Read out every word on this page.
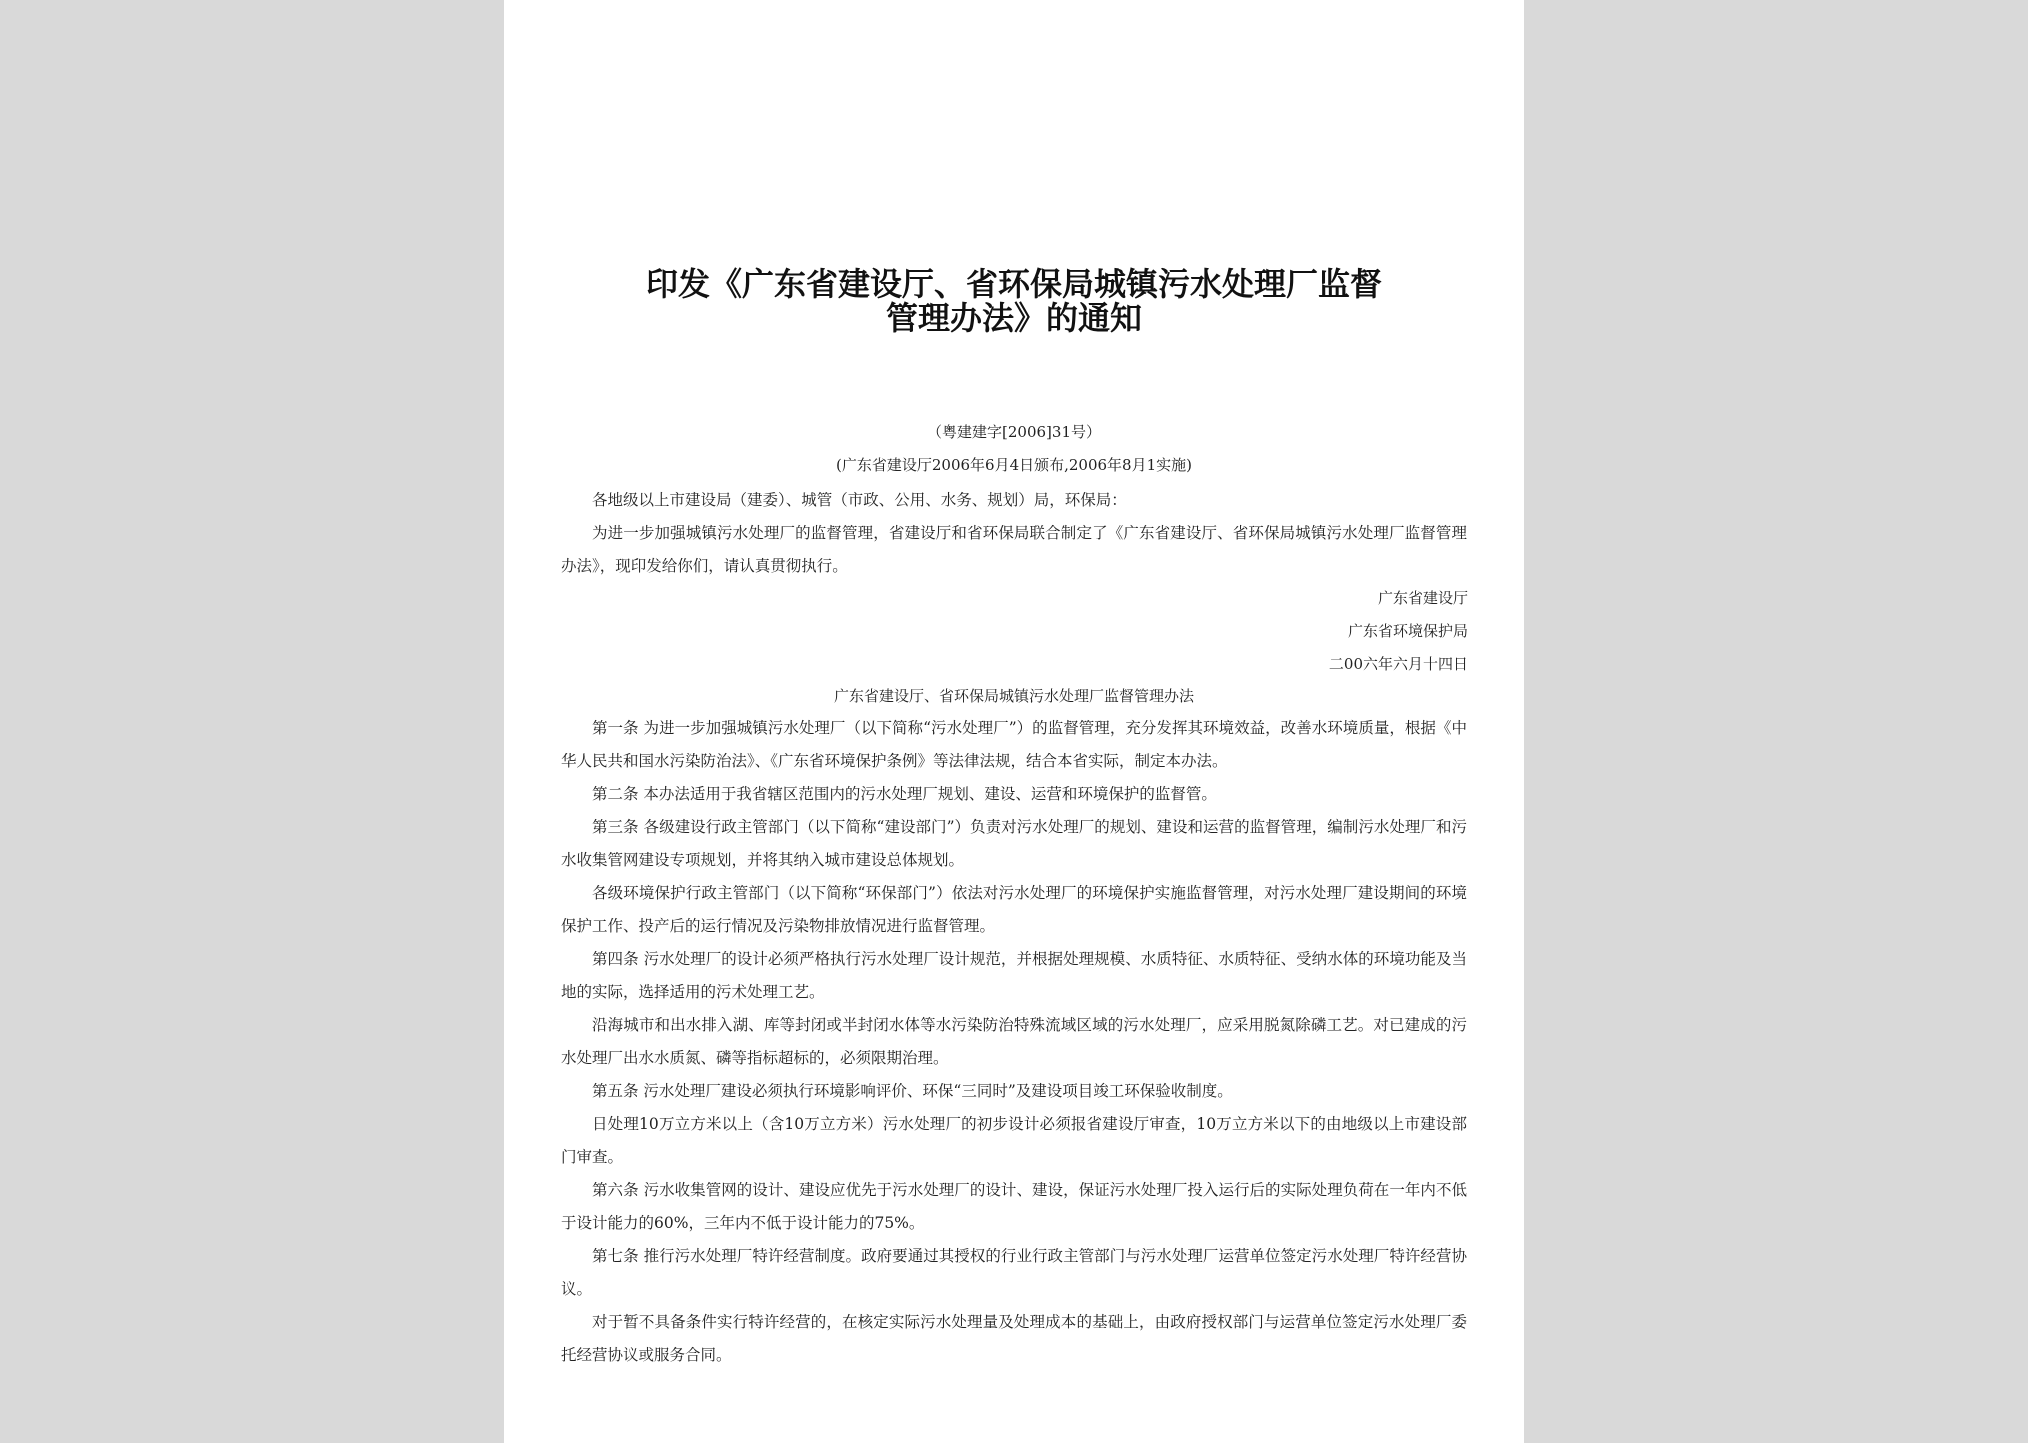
印发《广东省建设厅、省环保局城镇污水处理厂监督
管理办法》的通知
（粤建建字[2006]31号）
(广东省建设厅2006年6月4日颁布,2006年8月1实施)

各地级以上市建设局（建委）、城管（市政、公用、水务、规划）局，环保局：

为进一步加强城镇污水处理厂的监督管理，省建设厅和省环保局联合制定了《广东省建设厅、省环保局城镇污水处理厂监督管理办法》，现印发给你们，请认真贯彻执行。

广东省建设厅
广东省环境保护局
二00六年六月十四日
广东省建设厅、省环保局城镇污水处理厂监督管理办法

第一条 为进一步加强城镇污水处理厂（以下简称“污水处理厂”）的监督管理，充分发挥其环境效益，改善水环境质量，根据《中华人民共和国水污染防治法》、《广东省环境保护条例》等法律法规，结合本省实际，制定本办法。

第二条 本办法适用于我省辖区范围内的污水处理厂规划、建设、运营和环境保护的监督管。

第三条 各级建设行政主管部门（以下简称“建设部门”）负责对污水处理厂的规划、建设和运营的监督管理，编制污水处理厂和污水收集管网建设专项规划，并将其纳入城市建设总体规划。

各级环境保护行政主管部门（以下简称“环保部门”）依法对污水处理厂的环境保护实施监督管理，对污水处理厂建设期间的环境保护工作、投产后的运行情况及污染物排放情况进行监督管理。

第四条 污水处理厂的设计必须严格执行污水处理厂设计规范，并根据处理规模、水质特征、水质特征、受纳水体的环境功能及当地的实际，选择适用的污术处理工艺。

沿海城市和出水排入湖、库等封闭或半封闭水体等水污染防治特殊流域区域的污水处理厂，应采用脱氮除磷工艺。对已建成的污水处理厂出水水质氮、磷等指标超标的，必须限期治理。

第五条 污水处理厂建设必须执行环境影响评价、环保“三同时”及建设项目竣工环保验收制度。

日处理10万立方米以上（含10万立方米）污水处理厂的初步设计必须报省建设厅审查，10万立方米以下的由地级以上市建设部门审查。

第六条 污水收集管网的设计、建设应优先于污水处理厂的设计、建设，保证污水处理厂投入运行后的实际处理负荷在一年内不低于设计能力的60%，三年内不低于设计能力的75%。

第七条 推行污水处理厂特许经营制度。政府要通过其授权的行业行政主管部门与污水处理厂运营单位签定污水处理厂特许经营协议。

对于暂不具备条件实行特许经营的，在核定实际污水处理量及处理成本的基础上，由政府授权部门与运营单位签定污水处理厂委托经营协议或服务合同。
